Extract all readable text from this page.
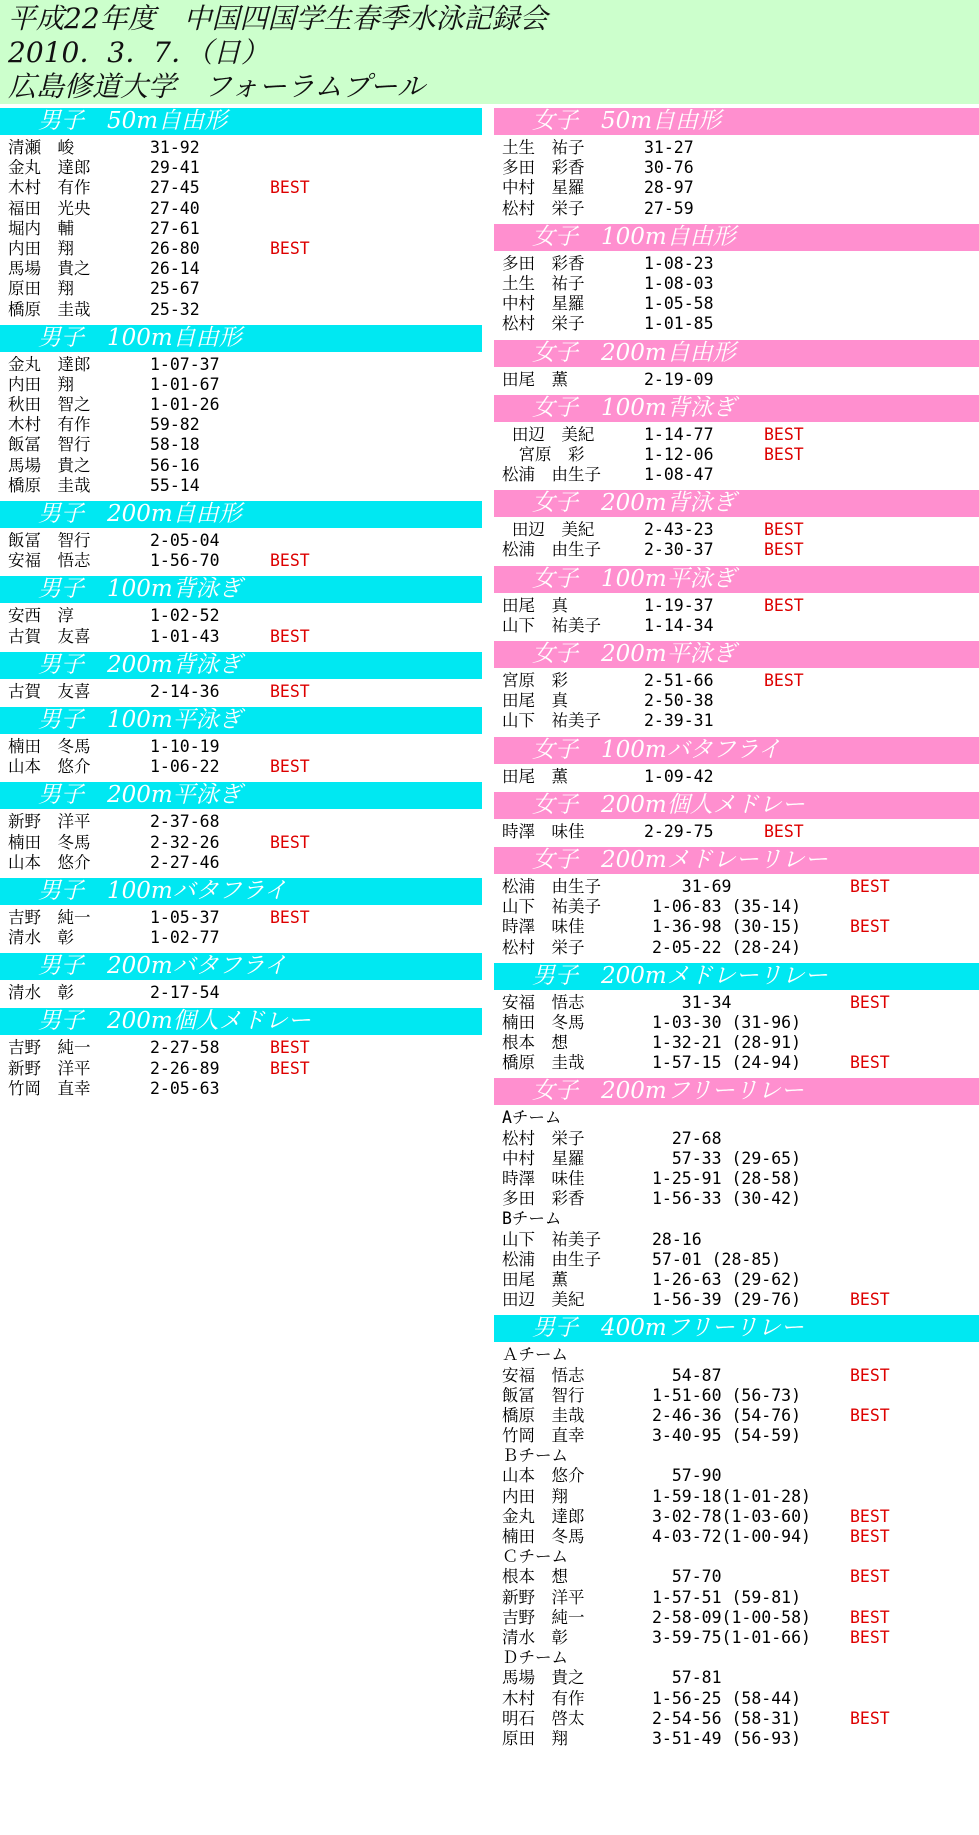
平成22年度　中国四国学生春季水泳記録会
2010．3．7．（日）
広島修道大学　フォーラムプール
男子　50m自由形
清瀬　峻	31-92
金丸　達郎	29-41
木村　有作	27-45	BEST
福田　光央	27-40
堀内　輔	27-61
内田　翔	26-80	BEST
馬場　貴之	26-14
原田　翔	25-67
橋原　圭哉	25-32
男子　100m自由形
金丸　達郎	1-07-37
内田　翔	1-01-67
秋田　智之	1-01-26
木村　有作	59-82
飯冨　智行	58-18
馬場　貴之	56-16
橋原　圭哉	55-14
男子　200m自由形
飯冨　智行	2-05-04
安福　悟志	1-56-70	BEST
男子　100m背泳ぎ
安西　淳	1-02-52
古賀　友喜	1-01-43	BEST
男子　200m背泳ぎ
古賀　友喜	2-14-36	BEST
男子　100m平泳ぎ
楠田　冬馬	1-10-19
山本　悠介	1-06-22	BEST
男子　200m平泳ぎ
新野　洋平	2-37-68
楠田　冬馬	2-32-26	BEST
山本　悠介	2-27-46
男子　100mバタフライ
吉野　純一	1-05-37	BEST
清水　彰	1-02-77
男子　200mバタフライ
清水　彰	2-17-54
男子　200m個人メドレー
吉野　純一	2-27-58	BEST
新野　洋平	2-26-89	BEST
竹岡　直幸	2-05-63
女子　50m自由形
土生　祐子	31-27
多田　彩香	30-76
中村　星羅	28-97
松村　栄子	27-59
女子　100m自由形
多田　彩香	1-08-23
土生　祐子	1-08-03
中村　星羅	1-05-58
松村　栄子	1-01-85
女子　200m自由形
田尾　薫	2-19-09
女子　100m背泳ぎ
田辺　美紀	1-14-77	BEST
　宮原　彩	1-12-06	BEST
松浦　由生子	1-08-47
女子　200m背泳ぎ
田辺　美紀	2-43-23	BEST
松浦　由生子	2-30-37	BEST
女子　100m平泳ぎ
田尾　真	1-19-37	BEST
山下　祐美子	1-14-34
女子　200m平泳ぎ
宮原　彩	2-51-66	BEST
田尾　真	2-50-38
山下　祐美子	2-39-31
女子　100mバタフライ
田尾　薫	1-09-42
女子　200m個人メドレー
時澤　味佳	2-29-75	BEST
女子　200mメドレーリレー
松浦　由生子	31-69	BEST
山下　祐美子	1-06-83 (35-14)
時澤　味佳	1-36-98 (30-15)	BEST
松村　栄子	2-05-22 (28-24)
男子　200mメドレーリレー
安福　悟志	31-34	BEST
楠田　冬馬	1-03-30 (31-96)
根本　想	1-32-21 (28-91)
橋原　圭哉	1-57-15 (24-94)	BEST
女子　200mフリーリレー
Aチーム
松村　栄子	27-68
中村　星羅	57-33 (29-65)
時澤　味佳	1-25-91 (28-58)
多田　彩香	1-56-33 (30-42)
Bチーム
山下　祐美子	28-16
松浦　由生子	57-01 (28-85)
田尾　薫	1-26-63 (29-62)
田辺　美紀	1-56-39 (29-76)	BEST
男子　400mフリーリレー
Ａチーム
安福　悟志	54-87	BEST
飯冨　智行	1-51-60 (56-73)
橋原　圭哉	2-46-36 (54-76)	BEST
竹岡　直幸	3-40-95 (54-59)
Ｂチーム
山本　悠介	57-90
内田　翔	1-59-18(1-01-28)
金丸　達郎	3-02-78(1-03-60) BEST
楠田　冬馬	4-03-72(1-00-94) BEST
Ｃチーム
根本　想	57-70	BEST
新野　洋平	1-57-51 (59-81)
吉野　純一	2-58-09(1-00-58) BEST
清水　彰	3-59-75(1-01-66) BEST
Ｄチーム
馬場　貴之	57-81
木村　有作	1-56-25 (58-44)
明石　啓太	2-54-56 (58-31)	BEST
原田　翔	3-51-49 (56-93)
